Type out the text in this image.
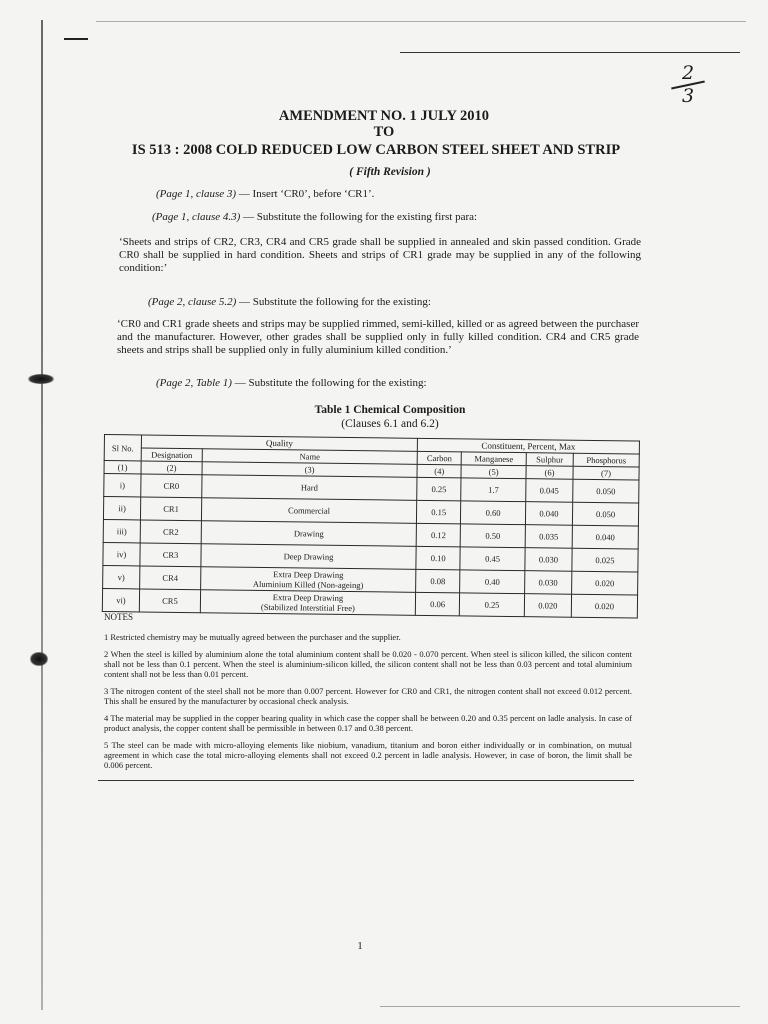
2
3
AMENDMENT NO. 1 JULY 2010
TO
IS 513 : 2008 COLD REDUCED LOW CARBON STEEL SHEET AND STRIP
( Fifth Revision )
(Page 1, clause 3) — Insert ‘CR0’, before ‘CR1’.
(Page 1, clause 4.3) — Substitute the following for the existing first para:
‘Sheets and strips of CR2, CR3, CR4 and CR5 grade shall be supplied in annealed and skin passed condition. Grade CR0 shall be supplied in hard condition. Sheets and strips of CR1 grade may be supplied in any of the following condition:’
(Page 2, clause 5.2) — Substitute the following for the existing:
‘CR0 and CR1 grade sheets and strips may be supplied rimmed, semi-killed, killed or as agreed between the purchaser and the manufacturer. However, other grades shall be supplied only in fully killed condition. CR4 and CR5 grade sheets and strips shall be supplied only in fully aluminium killed condition.’
(Page 2, Table 1) — Substitute the following for the existing:
Table 1 Chemical Composition
(Clauses 6.1 and 6.2)
Sl No.	Quality		Constituent, Percent, Max			
	Designation	Name	Carbon	Manganese	Sulphur	Phosphorus
(1)	(2)	(3)	(4)	(5)	(6)	(7)
i)	CR0	Hard	0.25	1.7	0.045	0.050
ii)	CR1	Commercial	0.15	0.60	0.040	0.050
iii)	CR2	Drawing	0.12	0.50	0.035	0.040
iv)	CR3	Deep Drawing	0.10	0.45	0.030	0.025
v)	CR4	Extra Deep Drawing
Aluminium Killed (Non-ageing)	0.08	0.40	0.030	0.020
vi)	CR5	Extra Deep Drawing
(Stabilized Interstitial Free)	0.06	0.25	0.020	0.020
NOTES
1 Restricted chemistry may be mutually agreed between the purchaser and the supplier.
2 When the steel is killed by aluminium alone the total aluminium content shall be 0.020 - 0.070 percent. When steel is silicon killed, the silicon content shall not be less than 0.1 percent. When the steel is aluminium-silicon killed, the silicon content shall not be less than 0.03 percent and total aluminium content shall not be less than 0.01 percent.
3 The nitrogen content of the steel shall not be more than 0.007 percent. However for CR0 and CR1, the nitrogen content shall not exceed 0.012 percent. This shall be ensured by the manufacturer by occasional check analysis.
4 The material may be supplied in the copper bearing quality in which case the copper shall be between 0.20 and 0.35 percent on ladle analysis. In case of product analysis, the copper content shall be permissible in between 0.17 and 0.38 percent.
5 The steel can be made with micro-alloying elements like niobium, vanadium, titanium and boron either individually or in combination, on mutual agreement in which case the total micro-alloying elements shall not exceed 0.2 percent in ladle analysis. However, in case of boron, the limit shall be 0.006 percent.
1
